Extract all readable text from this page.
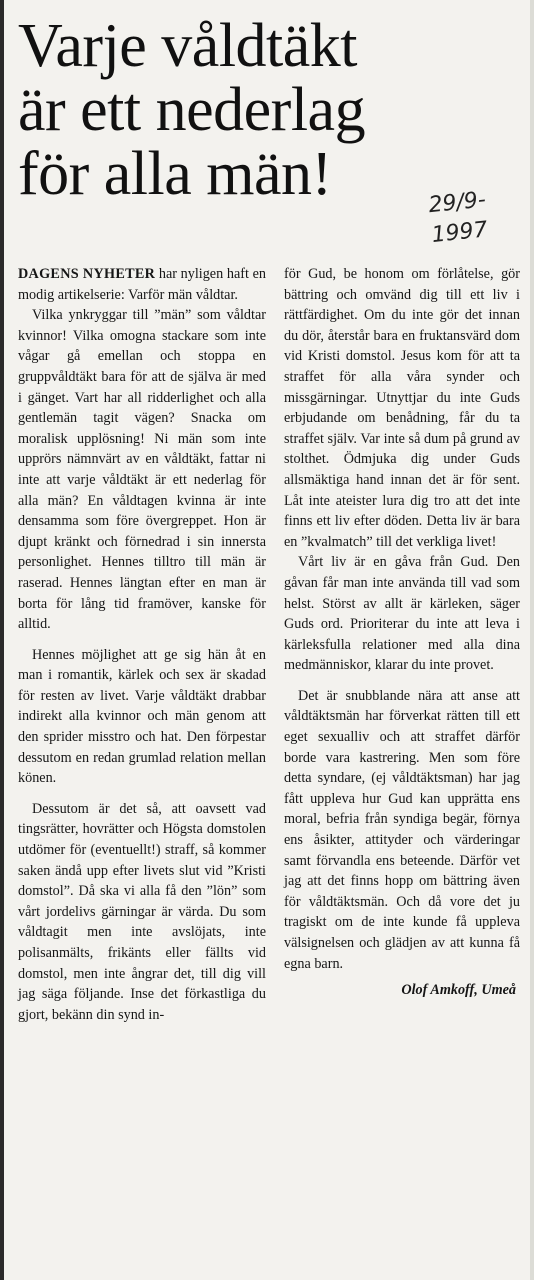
Varje våldtäkt
är ett nederlag
för alla män!	29/9-
1997

DAGENS NYHETER har nyligen haft en modig artikelserie: Varför män våldtar.

Vilka ynkryggar till ”män” som våldtar kvinnor! Vilka omogna stackare som inte vågar gå emellan och stoppa en gruppvåldtäkt bara för att de själva är med i gänget. Vart har all ridderlighet och alla gentlemän tagit vägen? Snacka om moralisk upplösning! Ni män som inte upprörs nämnvärt av en våldtäkt, fattar ni inte att varje våldtäkt är ett nederlag för alla män? En våldtagen kvinna är inte densamma som före övergreppet. Hon är djupt kränkt och förnedrad i sin innersta personlighet. Hennes tilltro till män är raserad. Hennes längtan efter en man är borta för lång tid framöver, kanske för alltid.

Hennes möjlighet att ge sig hän åt en man i romantik, kärlek och sex är skadad för resten av livet. Varje våldtäkt drabbar indirekt alla kvinnor och män genom att den sprider misstro och hat. Den förpestar dessutom en redan grumlad relation mellan könen.

Dessutom är det så, att oavsett vad tingsrätter, hovrätter och Högsta domstolen utdömer för (eventuellt!) straff, så kommer saken ändå upp efter livets slut vid ”Kristi domstol”. Då ska vi alla få den ”lön” som vårt jordelivs gärningar är värda. Du som våldtagit men inte avslöjats, inte polisanmälts, frikänts eller fällts vid domstol, men inte ångrar det, till dig vill jag säga följande. Inse det förkastliga du gjort, bekänn din synd in-

för Gud, be honom om förlåtelse, gör bättring och omvänd dig till ett liv i rättfärdighet. Om du inte gör det innan du dör, återstår bara en fruktansvärd dom vid Kristi domstol. Jesus kom för att ta straffet för alla våra synder och missgärningar. Utnyttjar du inte Guds erbjudande om benådning, får du ta straffet själv. Var inte så dum på grund av stolthet. Ödmjuka dig under Guds allsmäktiga hand innan det är för sent. Låt inte ateister lura dig tro att det inte finns ett liv efter döden. Detta liv är bara en ”kvalmatch” till det verkliga livet!

Vårt liv är en gåva från Gud. Den gåvan får man inte använda till vad som helst. Störst av allt är kärleken, säger Guds ord. Prioriterar du inte att leva i kärleksfulla relationer med alla dina medmänniskor, klarar du inte provet.

Det är snubblande nära att anse att våldtäktsmän har förverkat rätten till ett eget sexualliv och att straffet därför borde vara kastrering. Men som före detta syndare, (ej våldtäktsman) har jag fått uppleva hur Gud kan upprätta ens moral, befria från syndiga begär, förnya ens åsikter, attityder och värderingar samt förvandla ens beteende. Därför vet jag att det finns hopp om bättring även för våldtäktsmän. Och då vore det ju tragiskt om de inte kunde få uppleva välsignelsen och glädjen av att kunna få egna barn.

Olof Amkoff, Umeå
